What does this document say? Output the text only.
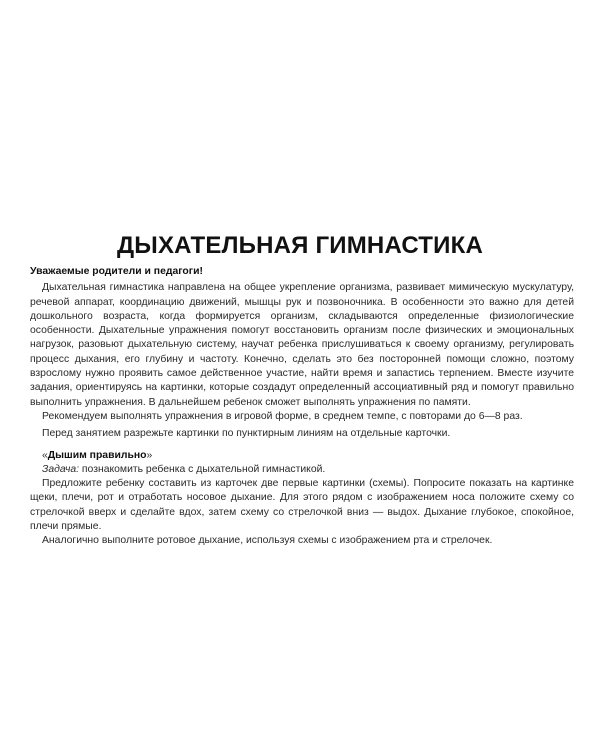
ДЫХАТЕЛЬНАЯ ГИМНАСТИКА

Уважаемые родители и педагоги!

Дыхательная гимнастика направлена на общее укрепление организма, развивает мимическую мускулатуру, речевой аппарат, координацию движений, мышцы рук и позвоночника. В особенности это важно для детей дошкольного возраста, когда формируется организм, складываются определенные физиологические особенности. Дыхательные упражнения помогут восстановить организм после физических и эмоциональных нагрузок, разовьют дыхательную систему, научат ребенка прислушиваться к своему организму, регулировать процесс дыхания, его глубину и частоту. Конечно, сделать это без посторонней помощи сложно, поэтому взрослому нужно проявить самое действенное участие, найти время и запастись терпением. Вместе изучите задания, ориентируясь на картинки, которые создадут определенный ассоциативный ряд и помогут правильно выполнить упражнения. В дальнейшем ребенок сможет выполнять упражнения по памяти.

Рекомендуем выполнять упражнения в игровой форме, в среднем темпе, с повторами до 6—8 раз.

Перед занятием разрежьте картинки по пунктирным линиям на отдельные карточки.

«Дышим правильно»

Задача: познакомить ребенка с дыхательной гимнастикой.

Предложите ребенку составить из карточек две первые картинки (схемы). Попросите показать на картинке щеки, плечи, рот и отработать носовое дыхание. Для этого рядом с изображением носа положите схему со стрелочкой вверх и сделайте вдох, затем схему со стрелочкой вниз — выдох. Дыхание глубокое, спокойное, плечи прямые.

Аналогично выполните ротовое дыхание, используя схемы с изображением рта и стрелочек.
